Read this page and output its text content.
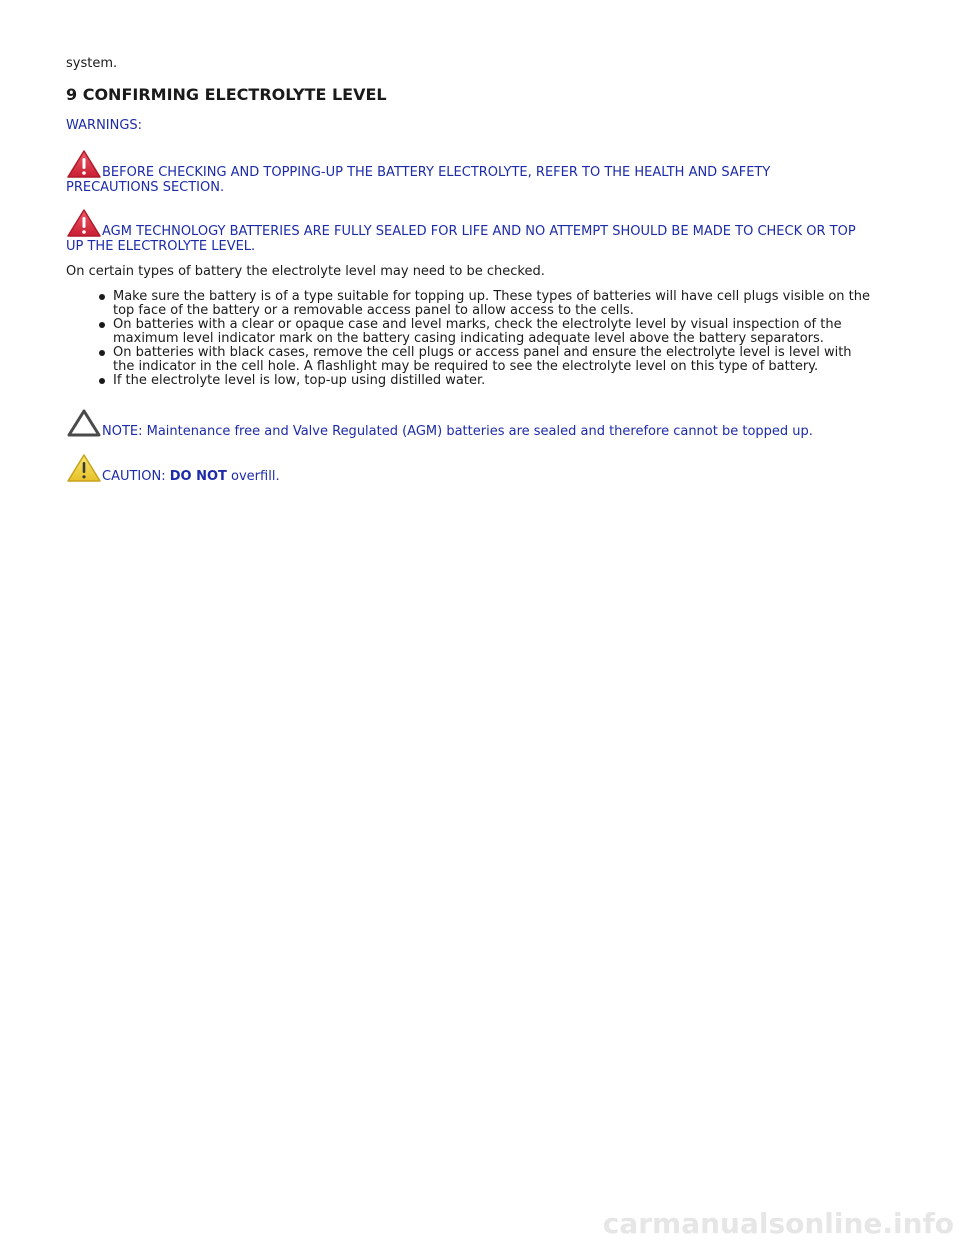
system.

9 CONFIRMING ELECTROLYTE LEVEL

WARNINGS:

BEFORE CHECKING AND TOPPING-UP THE BATTERY ELECTROLYTE, REFER TO THE HEALTH AND SAFETY PRECAUTIONS SECTION.

AGM TECHNOLOGY BATTERIES ARE FULLY SEALED FOR LIFE AND NO ATTEMPT SHOULD BE MADE TO CHECK OR TOP UP THE ELECTROLYTE LEVEL.

On certain types of battery the electrolyte level may need to be checked.

Make sure the battery is of a type suitable for topping up. These types of batteries will have cell plugs visible on the top face of the battery or a removable access panel to allow access to the cells.
On batteries with a clear or opaque case and level marks, check the electrolyte level by visual inspection of the maximum level indicator mark on the battery casing indicating adequate level above the battery separators.
On batteries with black cases, remove the cell plugs or access panel and ensure the electrolyte level is level with the indicator in the cell hole. A flashlight may be required to see the electrolyte level on this type of battery.
If the electrolyte level is low, top-up using distilled water.

NOTE: Maintenance free and Valve Regulated (AGM) batteries are sealed and therefore cannot be topped up.

CAUTION: DO NOT overfill.

carmanualsonline.info
